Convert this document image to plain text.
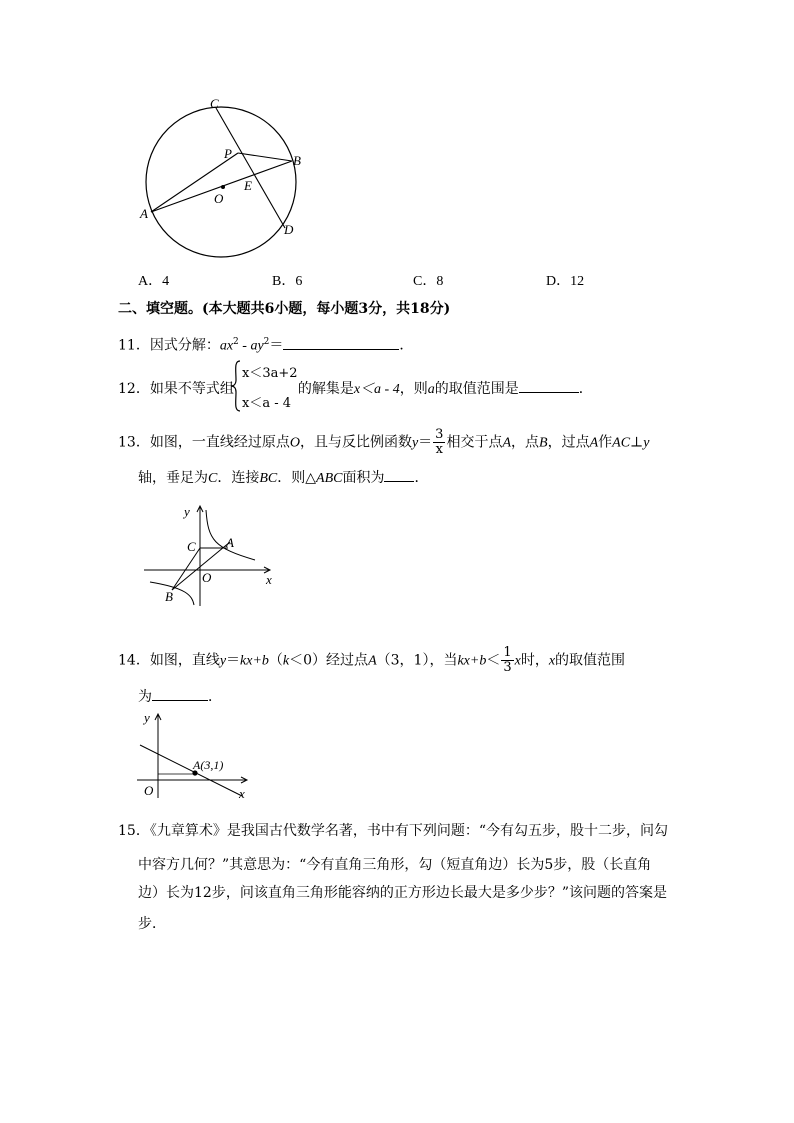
C
P	B
E
O
A
D
A．4	B．6	C．8	D．12
二、填空题。(本大题共6小题，每小题3分，共18分)
11．因式分解：$ax^2 - ay^2=$	．
12．如果不等式组	的解集是x＜a - 4，则a的取值范围是	．
x＜3a+2
x＜a - 4
13．如图，一直线经过原点O，且与反比例函数$y= \frac{3}{x}$ 相交于点A，点B，过点A作AC⊥y
轴，垂足为C．连接BC．则△ABC面积为 ．
y
x
C A
O
B
14．如图，直线y＝kx+b（k＜0）经过点A（3，1），当$kx+b< \frac{1}{3}$ x时，x的取值范围
为	．
y
x
O
A(3,1)
15．《九章算术》是我国古代数学名著，书中有下列问题：“今有勾五步，股十二步，问勾
中容方几何？”其意思为：“今有直角三角形，勾（短直角边）长为5步，股（长直角
边）长为12步，问该直角三角形能容纳的正方形边长最大是多少步？”该问题的答案是
步．
